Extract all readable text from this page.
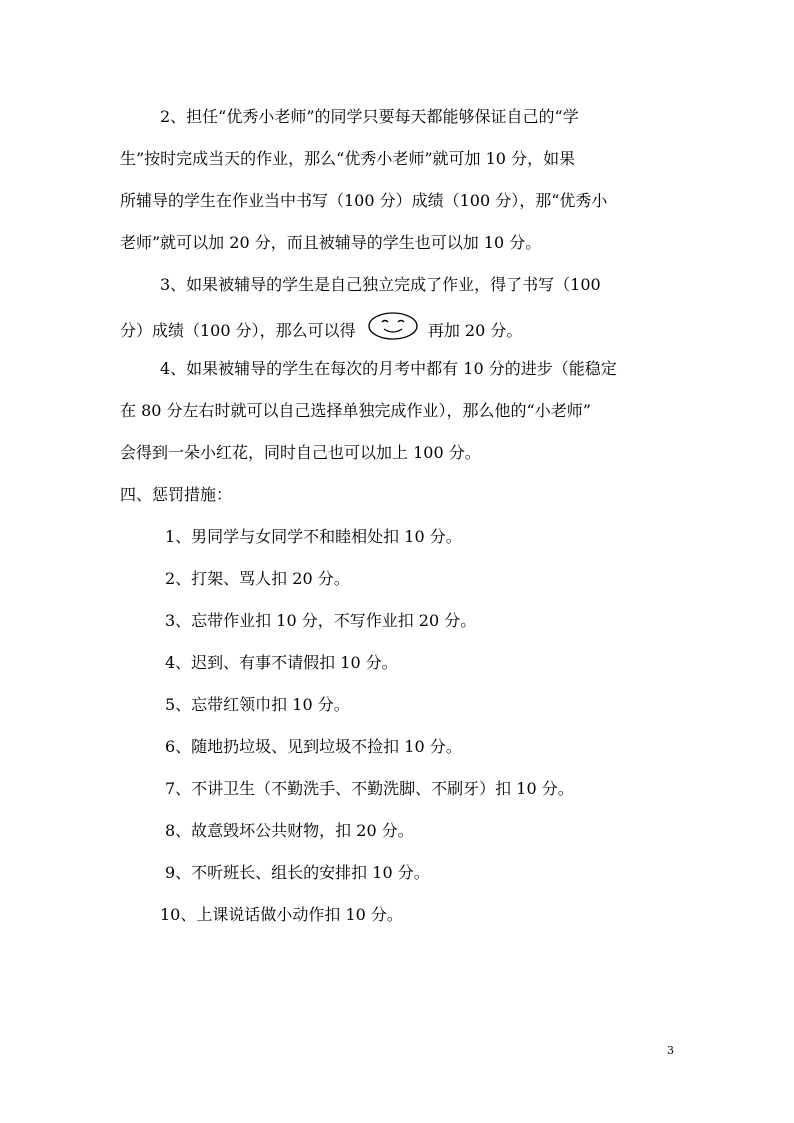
2、担任“优秀小老师”的同学只要每天都能够保证自己的“学
生”按时完成当天的作业，那么“优秀小老师”就可加 10 分，如果
所辅导的学生在作业当中书写（100 分）成绩（100 分），那“优秀小
老师”就可以加 20 分，而且被辅导的学生也可以加 10 分。
3、如果被辅导的学生是自己独立完成了作业，得了书写（100
分）成绩（100 分），那么可以得	再加 20 分。
4、如果被辅导的学生在每次的月考中都有 10 分的进步（能稳定
在 80 分左右时就可以自己选择单独完成作业），那么他的“小老师”
会得到一朵小红花，同时自己也可以加上 100 分。
四、惩罚措施：
1、男同学与女同学不和睦相处扣 10 分。
2、打架、骂人扣 20 分。
3、忘带作业扣 10 分，不写作业扣 20 分。
4、迟到、有事不请假扣 10 分。
5、忘带红领巾扣 10 分。
6、随地扔垃圾、见到垃圾不捡扣 10 分。
7、不讲卫生（不勤洗手、不勤洗脚、不刷牙）扣 10 分。
8、故意毁坏公共财物，扣 20 分。
9、不听班长、组长的安排扣 10 分。
10、上课说话做小动作扣 10 分。
3
